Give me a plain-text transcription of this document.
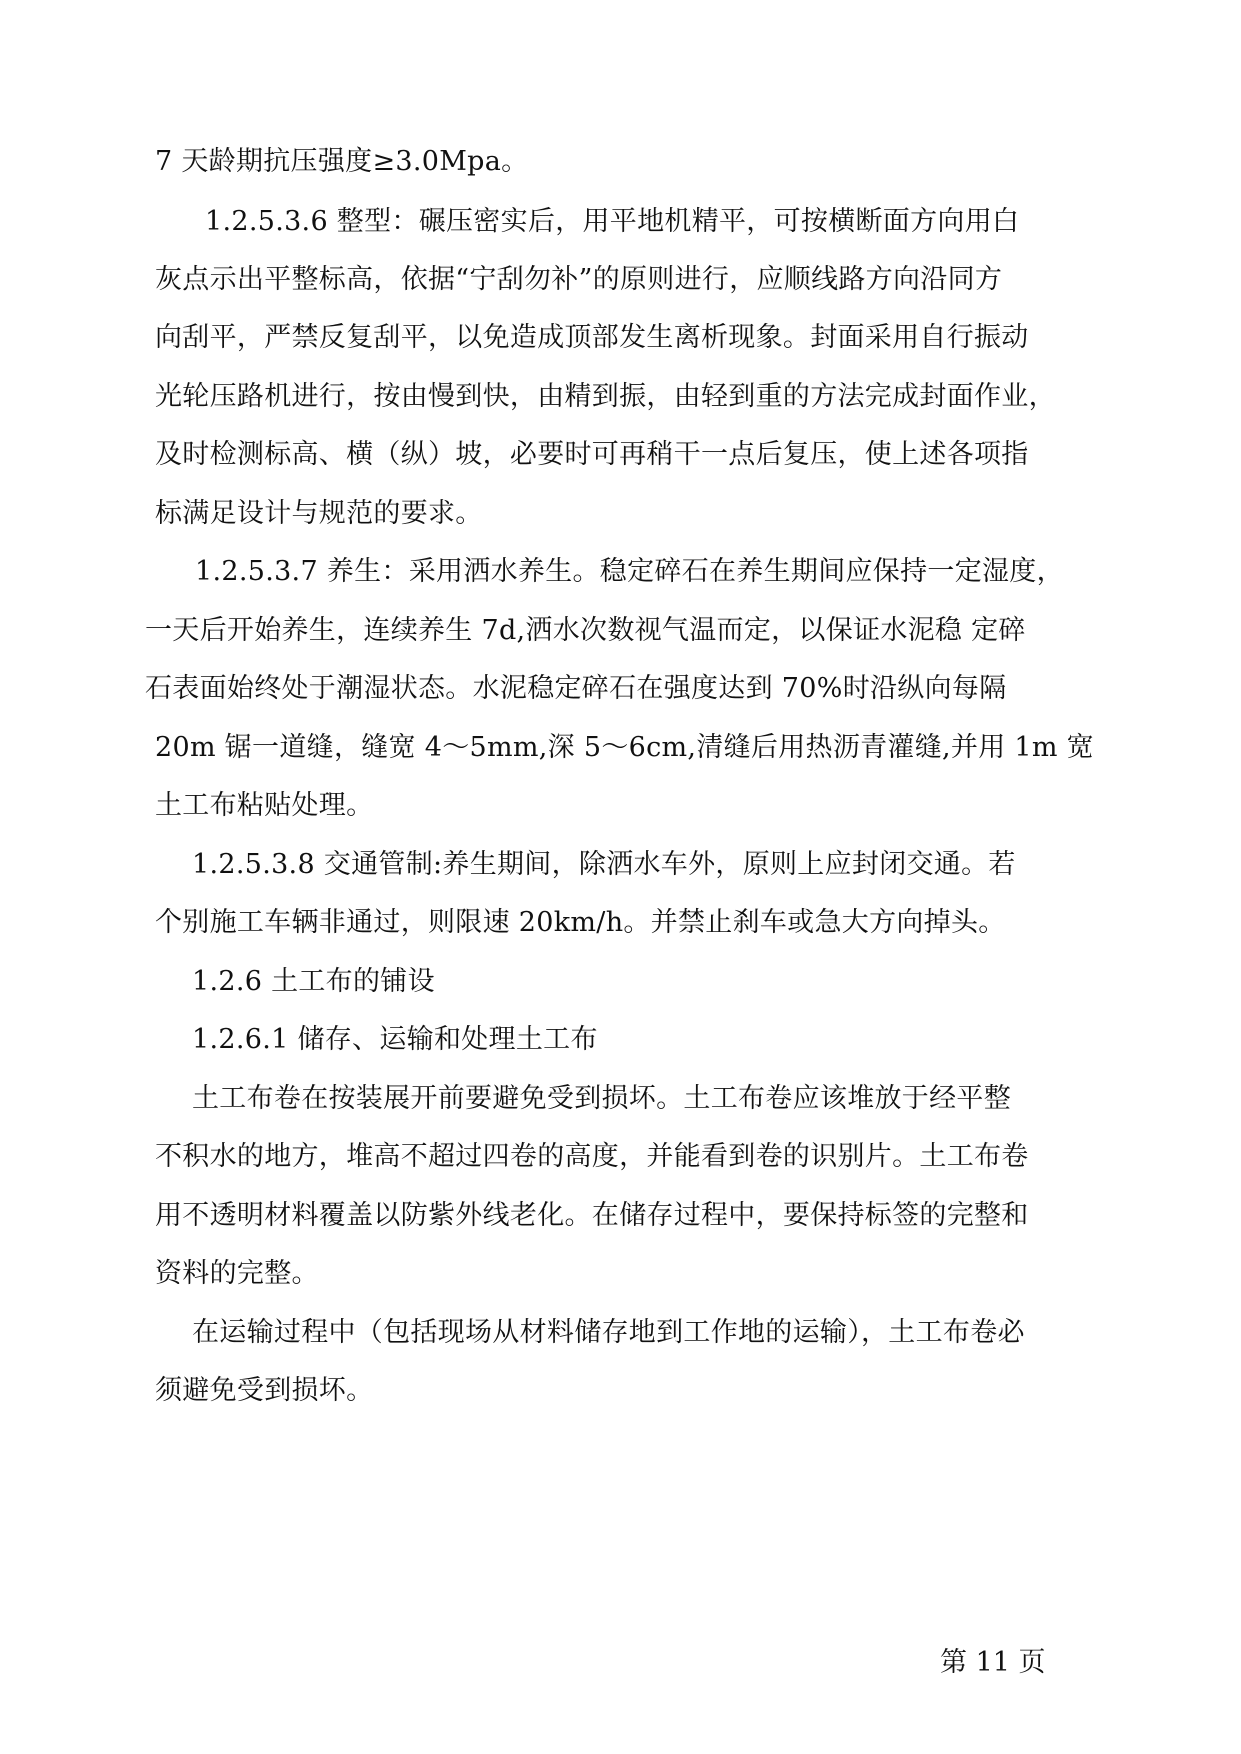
7 天龄期抗压强度≥3.0Mpa。
1.2.5.3.6 整型：碾压密实后，用平地机精平，可按横断面方向用白
灰点示出平整标高，依据“宁刮勿补”的原则进行，应顺线路方向沿同方
向刮平，严禁反复刮平，以免造成顶部发生离析现象。封面采用自行振动
光轮压路机进行，按由慢到快，由精到振，由轻到重的方法完成封面作业，
及时检测标高、横（纵）坡，必要时可再稍干一点后复压，使上述各项指
标满足设计与规范的要求。
1.2.5.3.7 养生：采用洒水养生。稳定碎石在养生期间应保持一定湿度，
一天后开始养生，连续养生 7d,洒水次数视气温而定，以保证水泥稳 定碎
石表面始终处于潮湿状态。水泥稳定碎石在强度达到 70%时沿纵向每隔
20m 锯一道缝，缝宽 4～5mm,深 5～6cm,清缝后用热沥青灌缝,并用 1m 宽
土工布粘贴处理。
1.2.5.3.8 交通管制:养生期间，除洒水车外，原则上应封闭交通。若
个别施工车辆非通过，则限速 20km/h。并禁止刹车或急大方向掉头。
1.2.6 土工布的铺设
1.2.6.1 储存、运输和处理土工布
土工布卷在按装展开前要避免受到损坏。土工布卷应该堆放于经平整
不积水的地方，堆高不超过四卷的高度，并能看到卷的识别片。土工布卷
用不透明材料覆盖以防紫外线老化。在储存过程中，要保持标签的完整和
资料的完整。
在运输过程中（包括现场从材料储存地到工作地的运输），土工布卷必
须避免受到损坏。
第 11 页
